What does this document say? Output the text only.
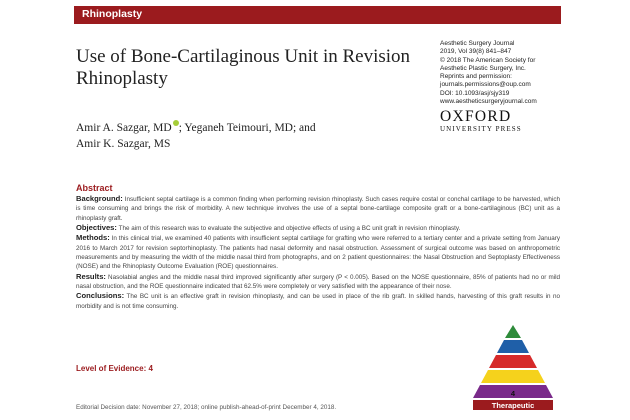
Rhinoplasty
Use of Bone-Cartilaginous Unit in Revision Rhinoplasty
Aesthetic Surgery Journal
2019, Vol 39(8) 841–847
© 2018 The American Society for
Aesthetic Plastic Surgery, Inc.
Reprints and permission:
journals.permissions@oup.com
DOI: 10.1093/asj/sjy319
www.aestheticsurgeryjournal.com
OXFORD
UNIVERSITY PRESS
Amir A. Sazgar, MD ; Yeganeh Teimouri, MD; and
Amir K. Sazgar, MS
Abstract
Background: Insufficient septal cartilage is a common finding when performing revision rhinoplasty. Such cases require costal or conchal cartilage to be harvested, which is time consuming and brings the risk of morbidity. A new technique involves the use of a septal bone-cartilage composite graft or a bone-cartilaginous (BC) unit as a rhinoplasty graft.
Objectives: The aim of this research was to evaluate the subjective and objective effects of using a BC unit graft in revision rhinoplasty.
Methods: In this clinical trial, we examined 40 patients with insufficient septal cartilage for grafting who were referred to a tertiary center and a private setting from January 2016 to March 2017 for revision septorhinoplasty. The patients had nasal deformity and nasal obstruction. Assessment of surgical outcome was based on anthropometric measurements and by measuring the width of the middle nasal third from photographs, and on 2 patient questionnaires: the Nasal Obstruction and Septoplasty Effectiveness (NOSE) and the Rhinoplasty Outcome Evaluation (ROE) questionnaires.
Results: Nasolabial angles and the middle nasal third improved significantly after surgery (P < 0.005). Based on the NOSE questionnaire, 85% of patients had no or mild nasal obstruction, and the ROE questionnaire indicated that 62.5% were completely or very satisfied with the appearance of their nose.
Conclusions: The BC unit is an effective graft in revision rhinoplasty, and can be used in place of the rib graft. In skilled hands, harvesting of this graft results in no morbidity and is not time consuming.
Level of Evidence: 4
Editorial Decision date: November 27, 2018; online publish-ahead-of-print December 4, 2018.
4
Therapeutic
